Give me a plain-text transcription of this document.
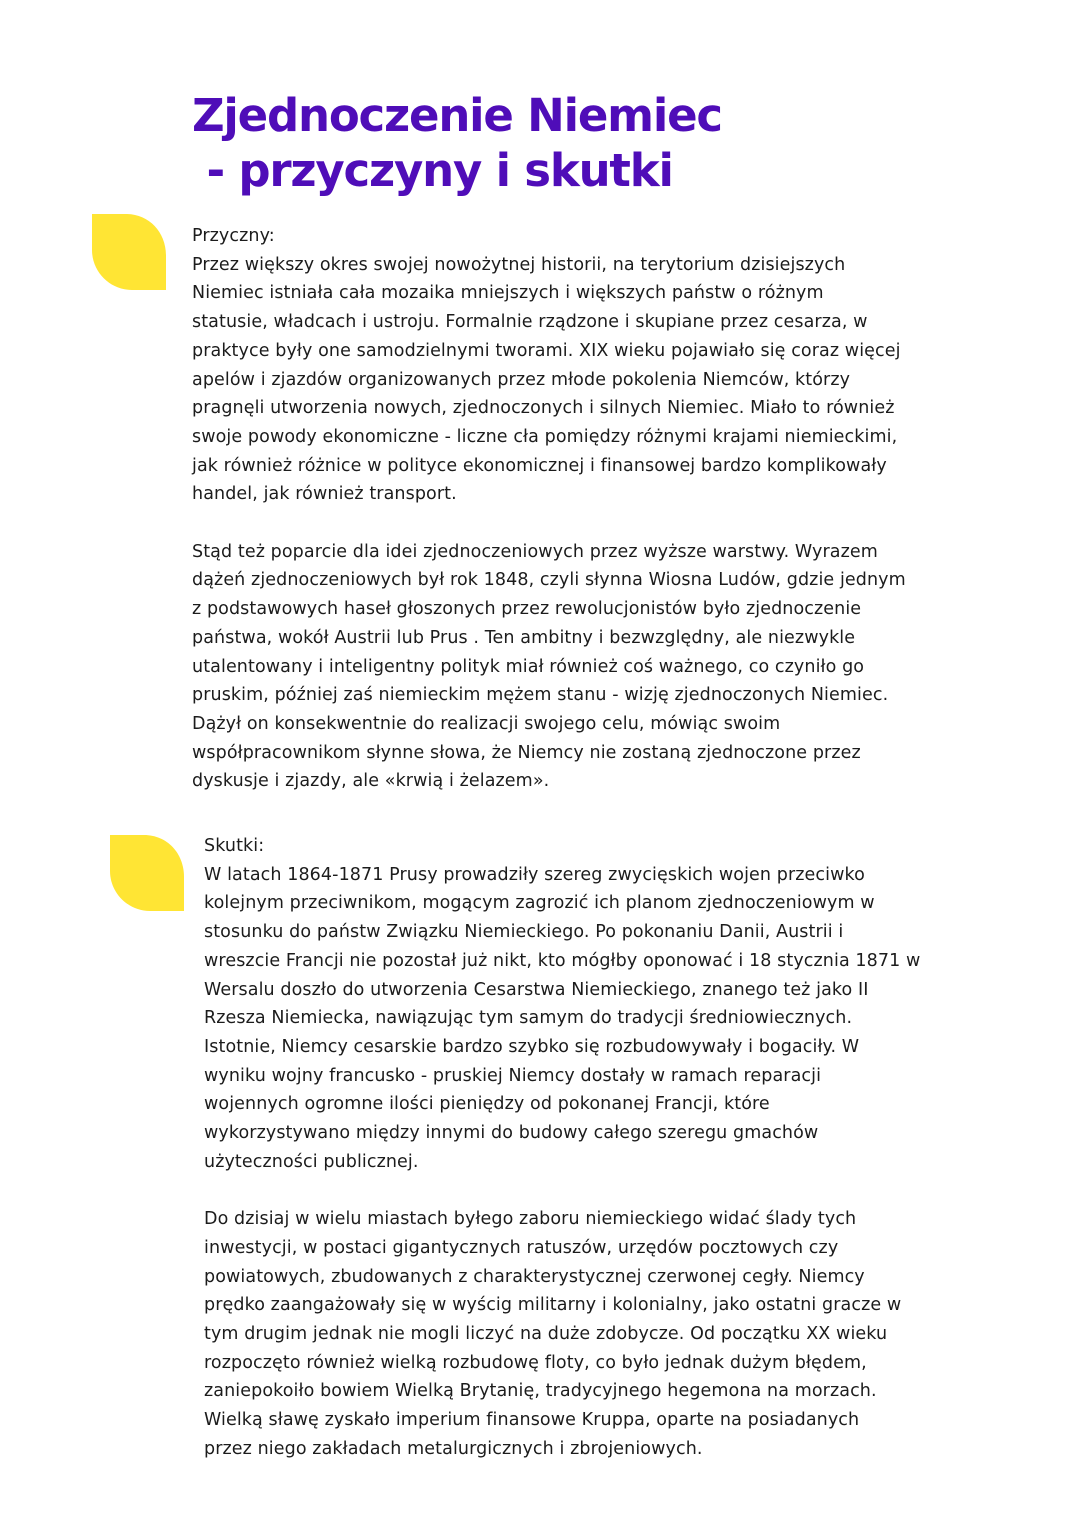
Zjednoczenie Niemiec
- przyczyny i skutki

Przyczny:

Przez większy okres swojej nowożytnej historii, na terytorium dzisiejszych

Niemiec istniała cała mozaika mniejszych i większych państw o różnym

statusie, władcach i ustroju. Formalnie rządzone i skupiane przez cesarza, w

praktyce były one samodzielnymi tworami. XIX wieku pojawiało się coraz więcej

apelów i zjazdów organizowanych przez młode pokolenia Niemców, którzy

pragnęli utworzenia nowych, zjednoczonych i silnych Niemiec. Miało to również

swoje powody ekonomiczne - liczne cła pomiędzy różnymi krajami niemieckimi,

jak również różnice w polityce ekonomicznej i finansowej bardzo komplikowały

handel, jak również transport.

Stąd też poparcie dla idei zjednoczeniowych przez wyższe warstwy. Wyrazem

dążeń zjednoczeniowych był rok 1848, czyli słynna Wiosna Ludów, gdzie jednym

z podstawowych haseł głoszonych przez rewolucjonistów było zjednoczenie

państwa, wokół Austrii lub Prus . Ten ambitny i bezwzględny, ale niezwykle

utalentowany i inteligentny polityk miał również coś ważnego, co czyniło go

pruskim, później zaś niemieckim mężem stanu - wizję zjednoczonych Niemiec.

Dążył on konsekwentnie do realizacji swojego celu, mówiąc swoim

współpracownikom słynne słowa, że Niemcy nie zostaną zjednoczone przez

dyskusje i zjazdy, ale «krwią i żelazem».

Skutki:

W latach 1864-1871 Prusy prowadziły szereg zwycięskich wojen przeciwko

kolejnym przeciwnikom, mogącym zagrozić ich planom zjednoczeniowym w

stosunku do państw Związku Niemieckiego. Po pokonaniu Danii, Austrii i

wreszcie Francji nie pozostał już nikt, kto mógłby oponować i 18 stycznia 1871 w

Wersalu doszło do utworzenia Cesarstwa Niemieckiego, znanego też jako II

Rzesza Niemiecka, nawiązując tym samym do tradycji średniowiecznych.

Istotnie, Niemcy cesarskie bardzo szybko się rozbudowywały i bogaciły. W

wyniku wojny francusko - pruskiej Niemcy dostały w ramach reparacji

wojennych ogromne ilości pieniędzy od pokonanej Francji, które

wykorzystywano między innymi do budowy całego szeregu gmachów

użyteczności publicznej.

Do dzisiaj w wielu miastach byłego zaboru niemieckiego widać ślady tych

inwestycji, w postaci gigantycznych ratuszów, urzędów pocztowych czy

powiatowych, zbudowanych z charakterystycznej czerwonej cegły. Niemcy

prędko zaangażowały się w wyścig militarny i kolonialny, jako ostatni gracze w

tym drugim jednak nie mogli liczyć na duże zdobycze. Od początku XX wieku

rozpoczęto również wielką rozbudowę floty, co było jednak dużym błędem,

zaniepokoiło bowiem Wielką Brytanię, tradycyjnego hegemona na morzach.

Wielką sławę zyskało imperium finansowe Kruppa, oparte na posiadanych

przez niego zakładach metalurgicznych i zbrojeniowych.
